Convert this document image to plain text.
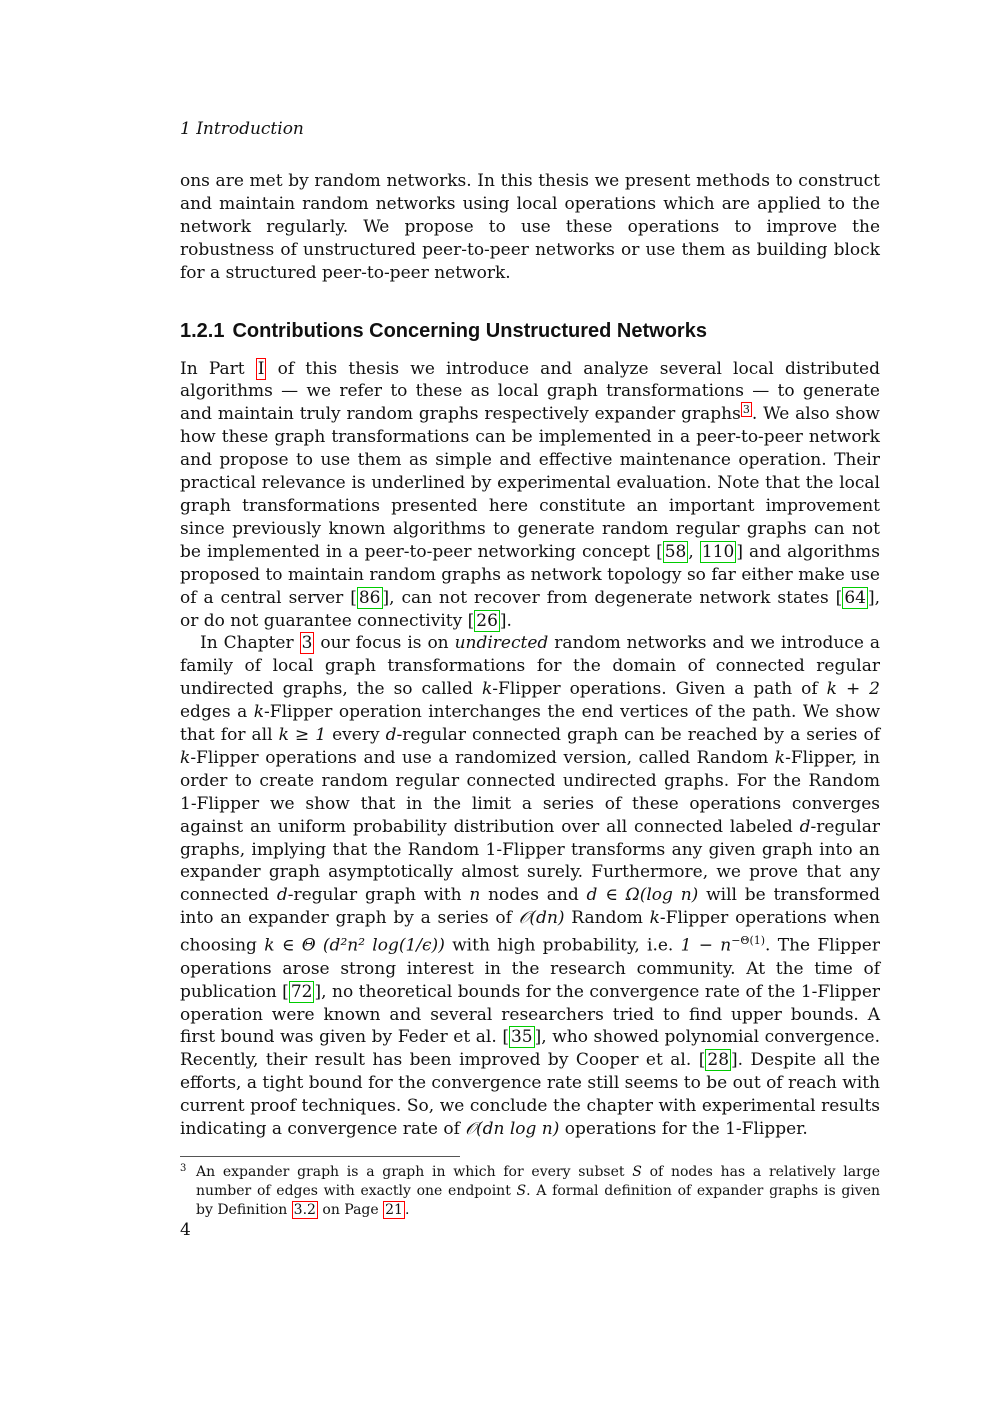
1 Introduction

ons are met by random networks. In this thesis we present methods to construct and maintain random networks using local operations which are applied to the network regularly. We propose to use these operations to improve the robustness of unstructured peer-to-peer networks or use them as building block for a structured peer-to-peer network.

1.2.1 Contributions Concerning Unstructured Networks

In Part I of this thesis we introduce and analyze several local distributed algorithms — we refer to these as local graph transformations — to generate and maintain truly random graphs respectively expander graphs $^3$ . We also show how these graph transformations can be implemented in a peer-to-peer network and propose to use them as simple and effective maintenance operation. Their practical relevance is underlined by experimental evaluation. Note that the local graph transformations presented here constitute an important improvement since previously known algorithms to generate random regular graphs can not be implemented in a peer-to-peer networking concept [ 58 , 110 ] and algorithms proposed to maintain random graphs as network topology so far either make use of a central server [ 86 ], can not recover from degenerate network states [ 64 ], or do not guarantee connectivity [ 26 ].

In Chapter 3 our focus is on undirected random networks and we introduce a family of local graph transformations for the domain of connected regular undirected graphs, the so called k-Flipper operations. Given a path of k + 2 edges a k-Flipper operation interchanges the end vertices of the path. We show that for all k ≥ 1 every d-regular connected graph can be reached by a series of k-Flipper operations and use a randomized version, called Random k-Flipper, in order to create random regular connected undirected graphs. For the Random 1-Flipper we show that in the limit a series of these operations converges against an uniform probability distribution over all connected labeled d-regular graphs, implying that the Random 1-Flipper transforms any given graph into an expander graph asymptotically almost surely. Furthermore, we prove that any connected d-regular graph with n nodes and d ∈ Ω(log n) will be transformed into an expander graph by a series of 𝒪(dn) Random k-Flipper operations when choosing k ∈ Θ (d²n² log(1/ϵ)) with high probability, i.e. $1 - n^{-\Theta(1)}$. The Flipper operations arose strong interest in the research community. At the time of publication [ 72 ], no theoretical bounds for the convergence rate of the 1-Flipper operation were known and several researchers tried to find upper bounds. A first bound was given by Feder et al. [ 35 ], who showed polynomial convergence. Recently, their result has been improved by Cooper et al. [ 28 ]. Despite all the efforts, a tight bound for the convergence rate still seems to be out of reach with current proof techniques. So, we conclude the chapter with experimental results indicating a convergence rate of 𝒪(dn log n) operations for the 1-Flipper.

3 An expander graph is a graph in which for every subset S of nodes has a relatively large number of edges with exactly one endpoint S. A formal definition of expander graphs is given by Definition 3.2 on Page 21 .

4
